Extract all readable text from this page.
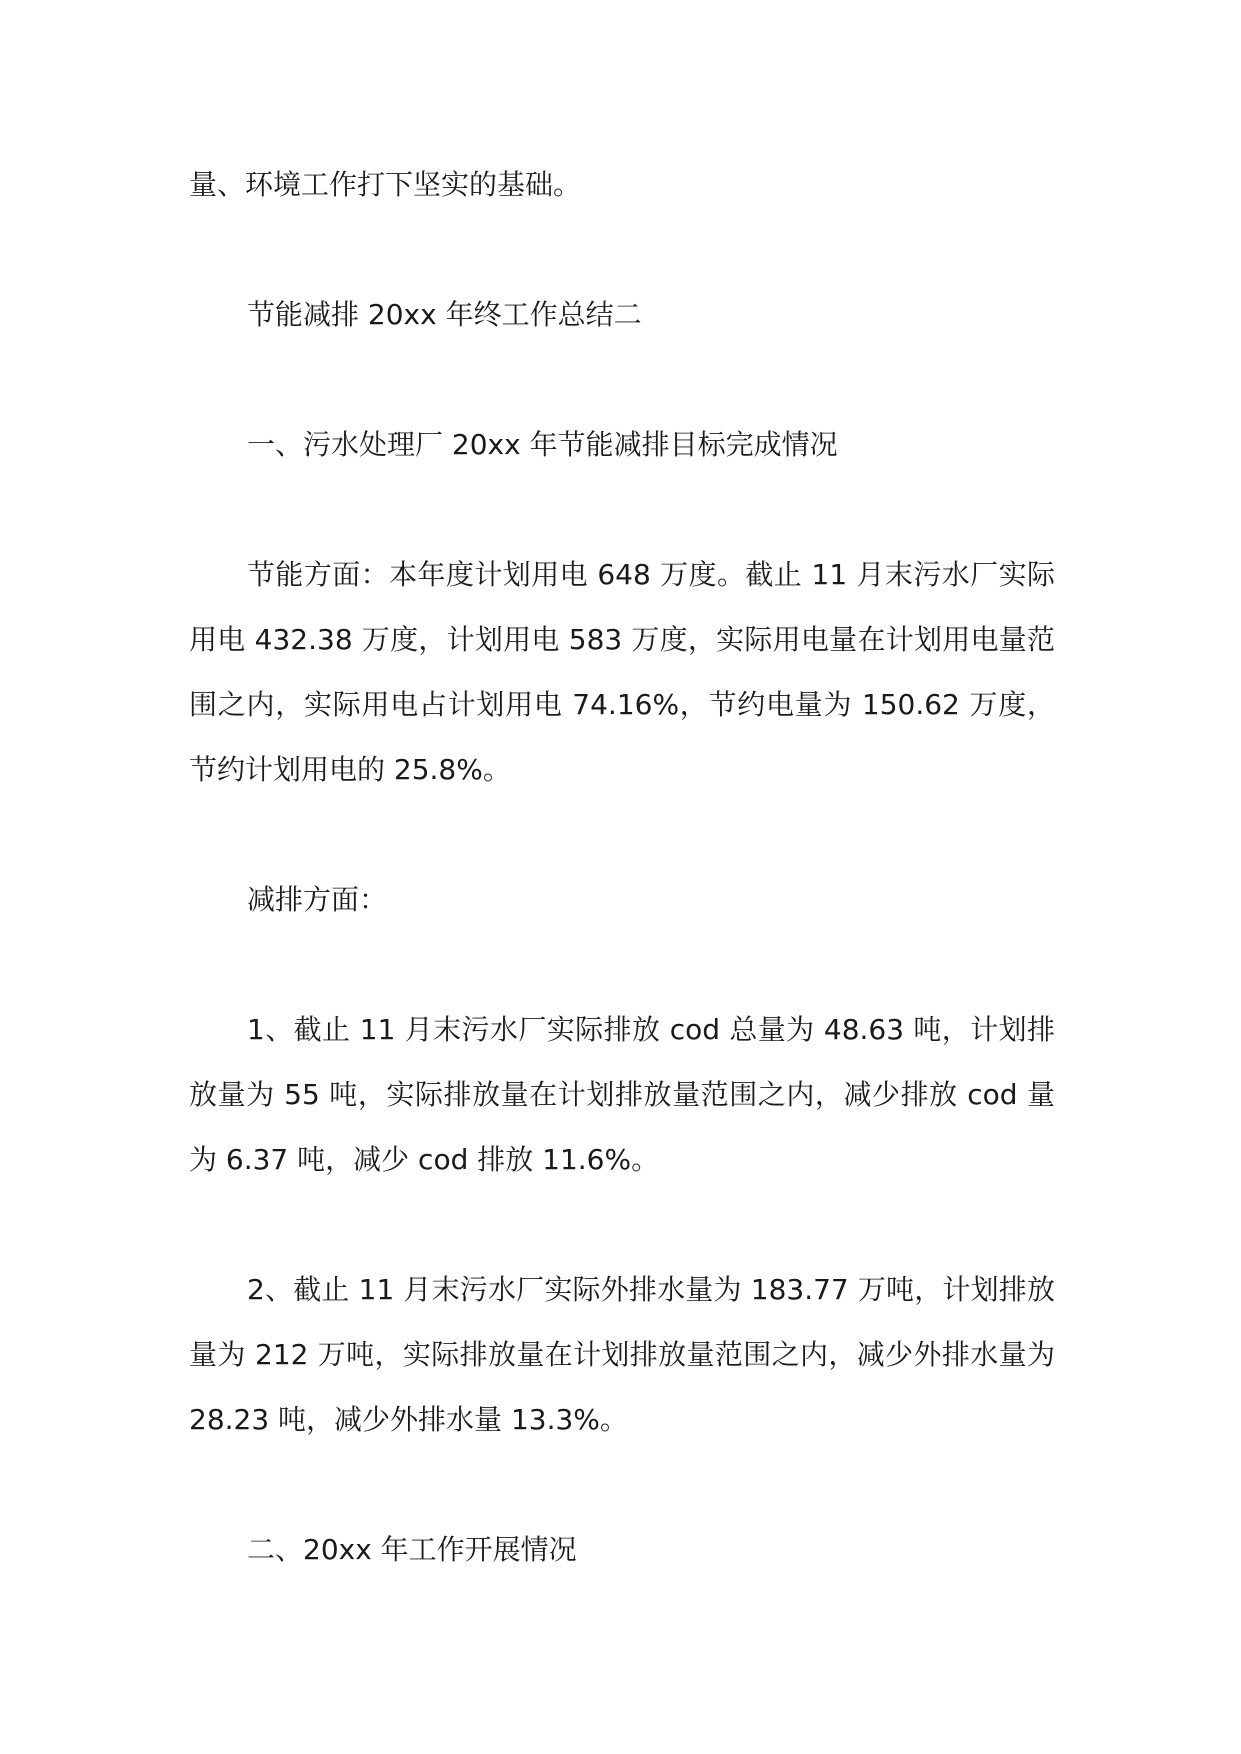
量、环境工作打下坚实的基础。

节能减排 20xx 年终工作总结二

一、污水处理厂 20xx 年节能减排目标完成情况

节能方面：本年度计划用电 648 万度。截止 11 月末污水厂实际用电 432.38 万度，计划用电 583 万度，实际用电量在计划用电量范围之内，实际用电占计划用电 74.16%，节约电量为 150.62 万度，节约计划用电的 25.8%。

减排方面：

1、截止 11 月末污水厂实际排放 cod 总量为 48.63 吨，计划排放量为 55 吨，实际排放量在计划排放量范围之内，减少排放 cod 量为 6.37 吨，减少 cod 排放 11.6%。

2、截止 11 月末污水厂实际外排水量为 183.77 万吨，计划排放量为 212 万吨，实际排放量在计划排放量范围之内，减少外排水量为 28.23 吨，减少外排水量 13.3%。

二、20xx 年工作开展情况
